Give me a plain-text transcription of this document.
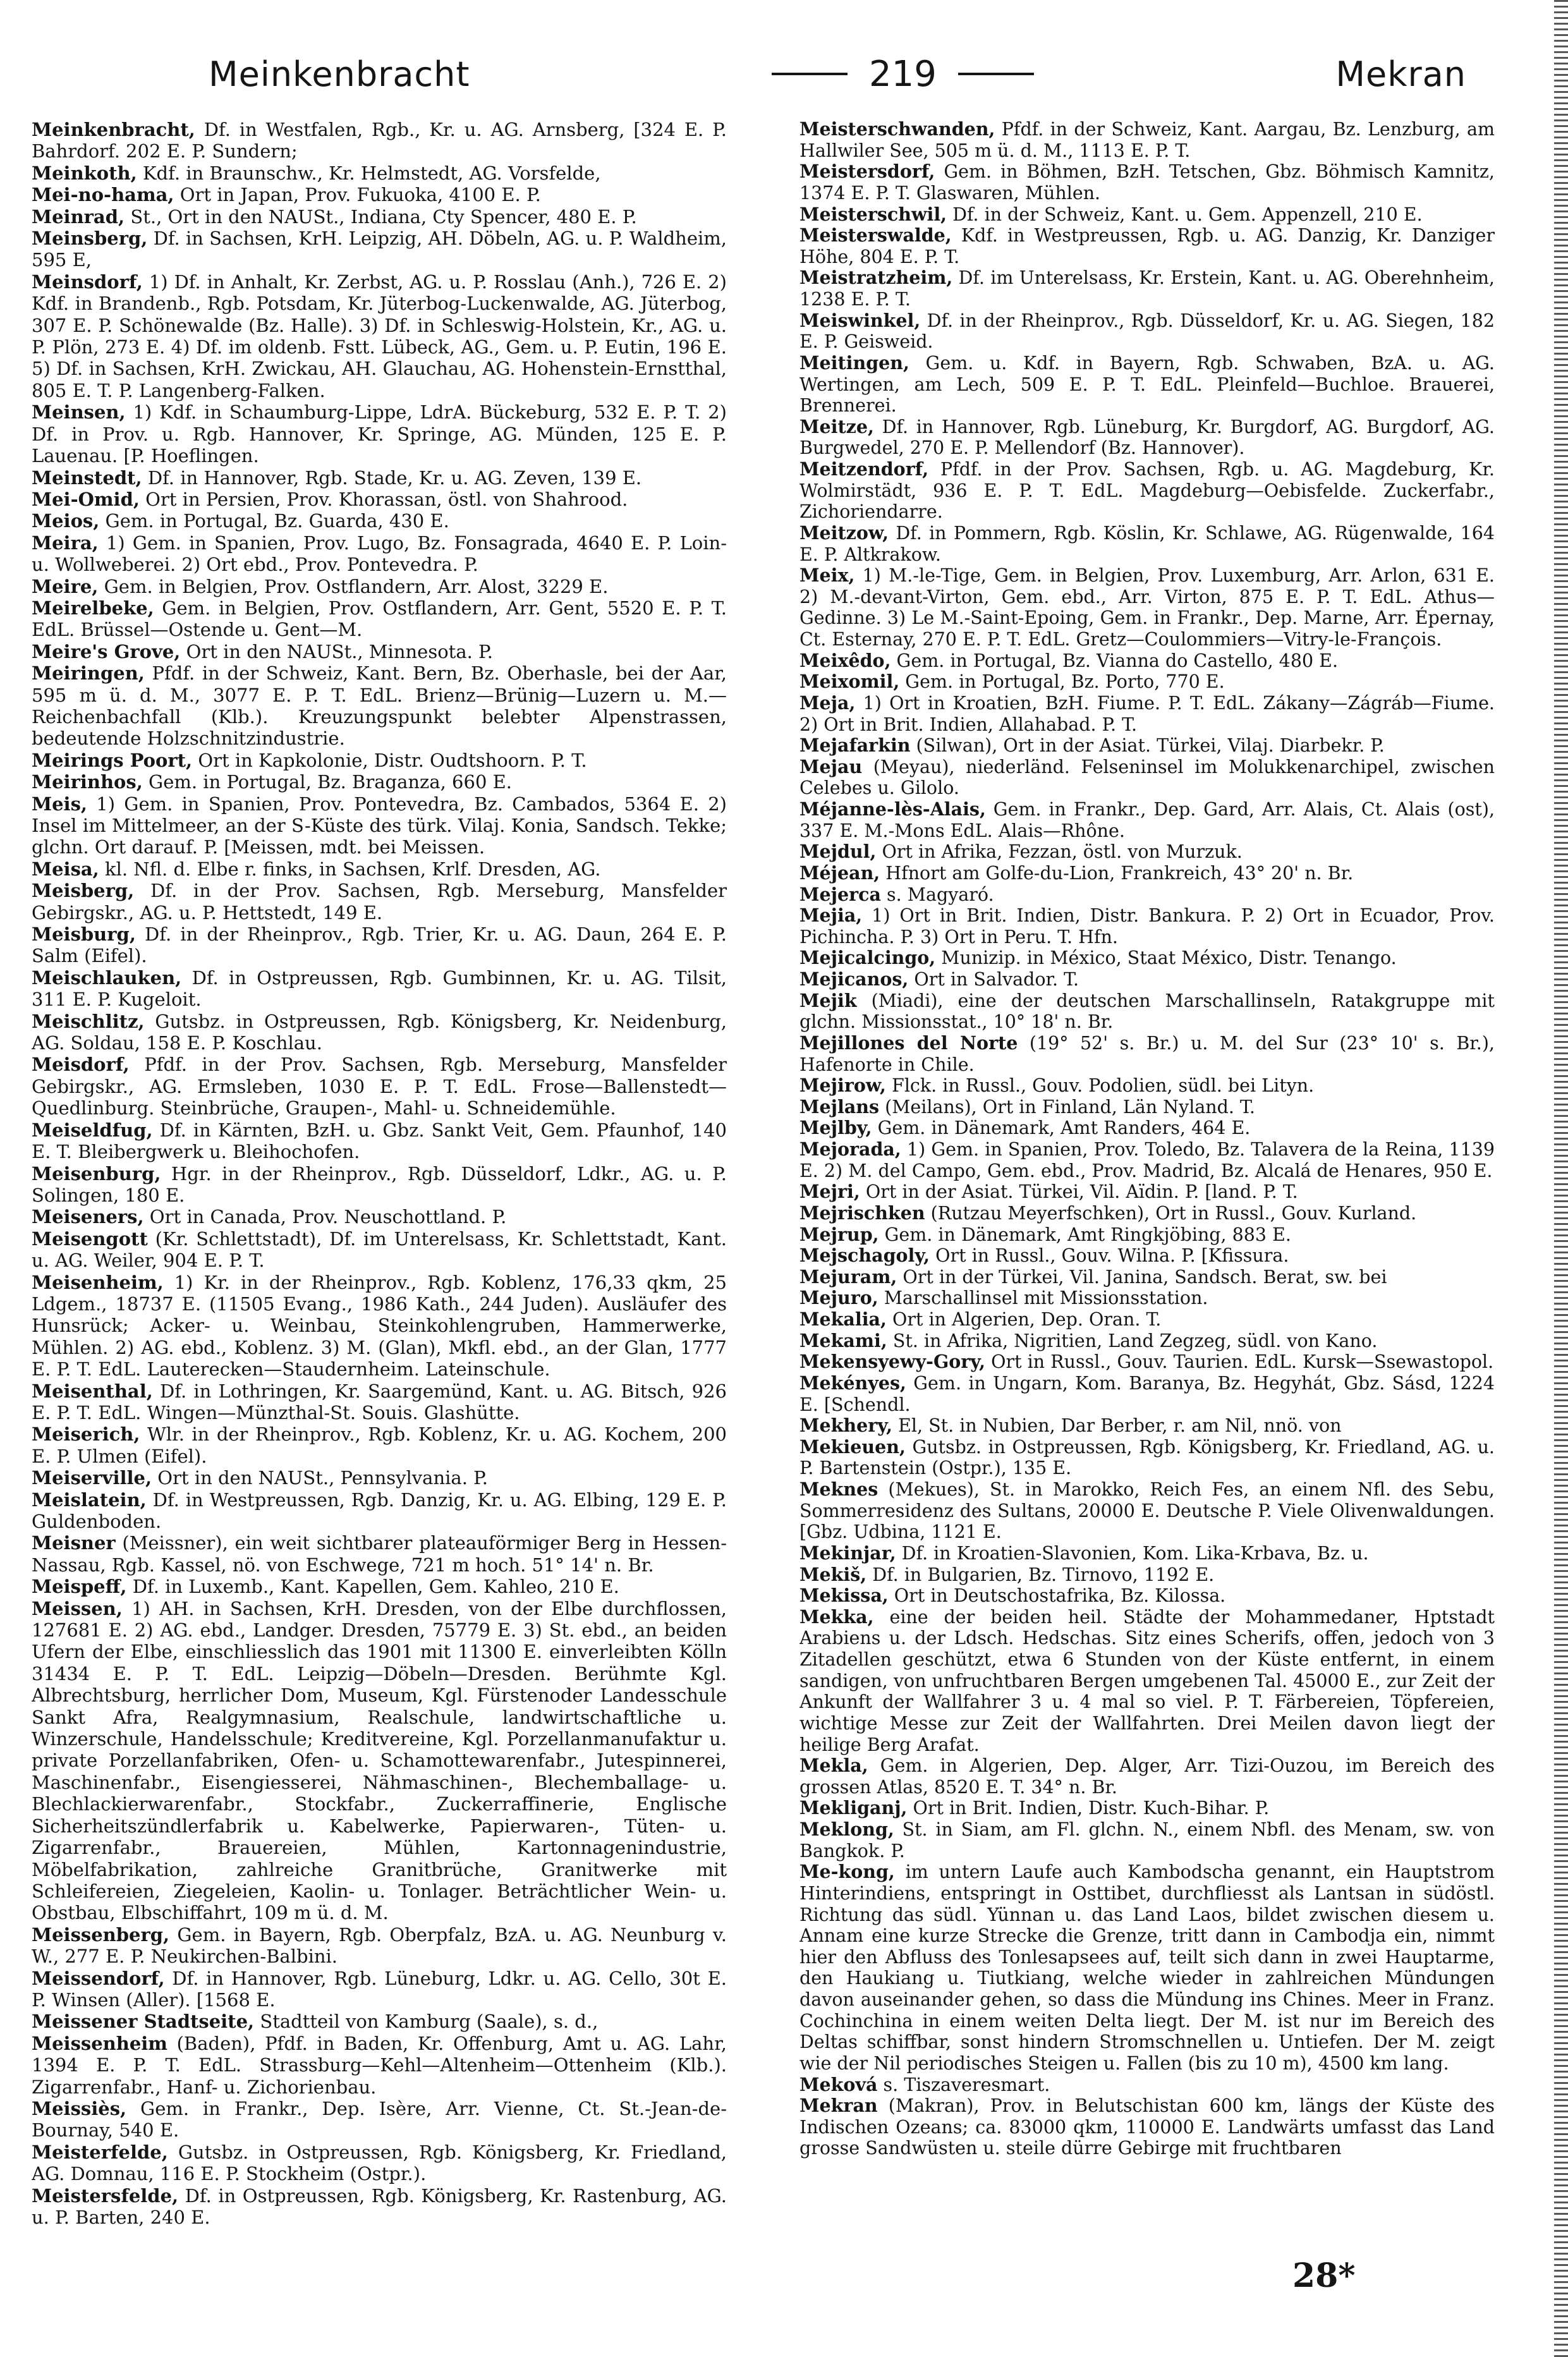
Meinkenbracht	219	Mekran

Meinkenbracht, Df. in Westfalen, Rgb., Kr. u. AG. Arnsberg, [324 E. P. Bahrdorf. 202 E. P. Sundern;

Meinkoth, Kdf. in Braunschw., Kr. Helmstedt, AG. Vorsfelde,

Mei-no-hama, Ort in Japan, Prov. Fukuoka, 4100 E. P.

Meinrad, St., Ort in den NAUSt., Indiana, Cty Spencer, 480 E. P.

Meinsberg, Df. in Sachsen, KrH. Leipzig, AH. Döbeln, AG. u. P. Waldheim, 595 E,

Meinsdorf, 1) Df. in Anhalt, Kr. Zerbst, AG. u. P. Rosslau (Anh.), 726 E. 2) Kdf. in Brandenb., Rgb. Potsdam, Kr. Jüterbog-Luckenwalde, AG. Jüterbog, 307 E. P. Schönewalde (Bz. Halle). 3) Df. in Schleswig-Holstein, Kr., AG. u. P. Plön, 273 E. 4) Df. im oldenb. Fstt. Lübeck, AG., Gem. u. P. Eutin, 196 E. 5) Df. in Sachsen, KrH. Zwickau, AH. Glauchau, AG. Hohenstein-Ernstthal, 805 E. T. P. Langenberg-Falken.

Meinsen, 1) Kdf. in Schaumburg-Lippe, LdrA. Bückeburg, 532 E. P. T. 2) Df. in Prov. u. Rgb. Hannover, Kr. Springe, AG. Münden, 125 E. P. Lauenau. [P. Hoeflingen.

Meinstedt, Df. in Hannover, Rgb. Stade, Kr. u. AG. Zeven, 139 E.

Mei-Omid, Ort in Persien, Prov. Khorassan, östl. von Shahrood.

Meios, Gem. in Portugal, Bz. Guarda, 430 E.

Meira, 1) Gem. in Spanien, Prov. Lugo, Bz. Fonsagrada, 4640 E. P. Loin- u. Wollweberei. 2) Ort ebd., Prov. Pontevedra. P.

Meire, Gem. in Belgien, Prov. Ostflandern, Arr. Alost, 3229 E.

Meirelbeke, Gem. in Belgien, Prov. Ostflandern, Arr. Gent, 5520 E. P. T. EdL. Brüssel—Ostende u. Gent—M.

Meire's Grove, Ort in den NAUSt., Minnesota. P.

Meiringen, Pfdf. in der Schweiz, Kant. Bern, Bz. Oberhasle, bei der Aar, 595 m ü. d. M., 3077 E. P. T. EdL. Brienz—Brünig—Luzern u. M.—Reichenbachfall (Klb.). Kreuzungspunkt belebter Alpenstrassen, bedeutende Holzschnitzindustrie.

Meirings Poort, Ort in Kapkolonie, Distr. Oudtshoorn. P. T.

Meirinhos, Gem. in Portugal, Bz. Braganza, 660 E.

Meis, 1) Gem. in Spanien, Prov. Pontevedra, Bz. Cambados, 5364 E. 2) Insel im Mittelmeer, an der S-Küste des türk. Vilaj. Konia, Sandsch. Tekke; glchn. Ort darauf. P. [Meissen, mdt. bei Meissen.

Meisa, kl. Nfl. d. Elbe r. finks, in Sachsen, Krlf. Dresden, AG.

Meisberg, Df. in der Prov. Sachsen, Rgb. Merseburg, Mansfelder Gebirgskr., AG. u. P. Hettstedt, 149 E.

Meisburg, Df. in der Rheinprov., Rgb. Trier, Kr. u. AG. Daun, 264 E. P. Salm (Eifel).

Meischlauken, Df. in Ostpreussen, Rgb. Gumbinnen, Kr. u. AG. Tilsit, 311 E. P. Kugeloit.

Meischlitz, Gutsbz. in Ostpreussen, Rgb. Königsberg, Kr. Neidenburg, AG. Soldau, 158 E. P. Koschlau.

Meisdorf, Pfdf. in der Prov. Sachsen, Rgb. Merseburg, Mansfelder Gebirgskr., AG. Ermsleben, 1030 E. P. T. EdL. Frose—Ballenstedt—Quedlinburg. Steinbrüche, Graupen-, Mahl- u. Schneidemühle.

Meiseldfug, Df. in Kärnten, BzH. u. Gbz. Sankt Veit, Gem. Pfaunhof, 140 E. T. Bleibergwerk u. Bleihochofen.

Meisenburg, Hgr. in der Rheinprov., Rgb. Düsseldorf, Ldkr., AG. u. P. Solingen, 180 E.

Meiseners, Ort in Canada, Prov. Neuschottland. P.

Meisengott (Kr. Schlettstadt), Df. im Unterelsass, Kr. Schlettstadt, Kant. u. AG. Weiler, 904 E. P. T.

Meisenheim, 1) Kr. in der Rheinprov., Rgb. Koblenz, 176,33 qkm, 25 Ldgem., 18737 E. (11505 Evang., 1986 Kath., 244 Juden). Ausläufer des Hunsrück; Acker- u. Weinbau, Steinkohlengruben, Hammerwerke, Mühlen. 2) AG. ebd., Koblenz. 3) M. (Glan), Mkfl. ebd., an der Glan, 1777 E. P. T. EdL. Lauterecken—Staudernheim. Lateinschule.

Meisenthal, Df. in Lothringen, Kr. Saargemünd, Kant. u. AG. Bitsch, 926 E. P. T. EdL. Wingen—Münzthal-St. Souis. Glashütte.

Meiserich, Wlr. in der Rheinprov., Rgb. Koblenz, Kr. u. AG. Kochem, 200 E. P. Ulmen (Eifel).

Meiserville, Ort in den NAUSt., Pennsylvania. P.

Meislatein, Df. in Westpreussen, Rgb. Danzig, Kr. u. AG. Elbing, 129 E. P. Guldenboden.

Meisner (Meissner), ein weit sichtbarer plateauförmiger Berg in Hessen-Nassau, Rgb. Kassel, nö. von Eschwege, 721 m hoch. 51° 14' n. Br.

Meispeff, Df. in Luxemb., Kant. Kapellen, Gem. Kahleo, 210 E.

Meissen, 1) AH. in Sachsen, KrH. Dresden, von der Elbe durchflossen, 127681 E. 2) AG. ebd., Landger. Dresden, 75779 E. 3) St. ebd., an beiden Ufern der Elbe, einschliesslich das 1901 mit 11300 E. einverleibten Kölln 31434 E. P. T. EdL. Leipzig—Döbeln—Dresden. Berühmte Kgl. Albrechtsburg, herrlicher Dom, Museum, Kgl. Fürstenoder Landesschule Sankt Afra, Realgymnasium, Realschule, landwirtschaftliche u. Winzerschule, Handelsschule; Kreditvereine, Kgl. Porzellanmanufaktur u. private Porzellanfabriken, Ofen- u. Schamottewarenfabr., Jutespinnerei, Maschinenfabr., Eisengiesserei, Nähmaschinen-, Blechemballage- u. Blechlackierwarenfabr., Stockfabr., Zuckerraffinerie, Englische Sicherheitszündlerfabrik u. Kabelwerke, Papierwaren-, Tüten- u. Zigarrenfabr., Brauereien, Mühlen, Kartonnagenindustrie, Möbelfabrikation, zahlreiche Granitbrüche, Granitwerke mit Schleifereien, Ziegeleien, Kaolin- u. Tonlager. Beträchtlicher Wein- u. Obstbau, Elbschiffahrt, 109 m ü. d. M.

Meissenberg, Gem. in Bayern, Rgb. Oberpfalz, BzA. u. AG. Neunburg v. W., 277 E. P. Neukirchen-Balbini.

Meissendorf, Df. in Hannover, Rgb. Lüneburg, Ldkr. u. AG. Cello, 30t E. P. Winsen (Aller). [1568 E.

Meissener Stadtseite, Stadtteil von Kamburg (Saale), s. d.,

Meissenheim (Baden), Pfdf. in Baden, Kr. Offenburg, Amt u. AG. Lahr, 1394 E. P. T. EdL. Strassburg—Kehl—Altenheim—Ottenheim (Klb.). Zigarrenfabr., Hanf- u. Zichorienbau.

Meissiès, Gem. in Frankr., Dep. Isère, Arr. Vienne, Ct. St.-Jean-de-Bournay, 540 E.

Meisterfelde, Gutsbz. in Ostpreussen, Rgb. Königsberg, Kr. Friedland, AG. Domnau, 116 E. P. Stockheim (Ostpr.).

Meistersfelde, Df. in Ostpreussen, Rgb. Königsberg, Kr. Rastenburg, AG. u. P. Barten, 240 E.

Meisterschwanden, Pfdf. in der Schweiz, Kant. Aargau, Bz. Lenzburg, am Hallwiler See, 505 m ü. d. M., 1113 E. P. T.

Meistersdorf, Gem. in Böhmen, BzH. Tetschen, Gbz. Böhmisch Kamnitz, 1374 E. P. T. Glaswaren, Mühlen.

Meisterschwil, Df. in der Schweiz, Kant. u. Gem. Appenzell, 210 E.

Meisterswalde, Kdf. in Westpreussen, Rgb. u. AG. Danzig, Kr. Danziger Höhe, 804 E. P. T.

Meistratzheim, Df. im Unterelsass, Kr. Erstein, Kant. u. AG. Oberehnheim, 1238 E. P. T.

Meiswinkel, Df. in der Rheinprov., Rgb. Düsseldorf, Kr. u. AG. Siegen, 182 E. P. Geisweid.

Meitingen, Gem. u. Kdf. in Bayern, Rgb. Schwaben, BzA. u. AG. Wertingen, am Lech, 509 E. P. T. EdL. Pleinfeld—Buchloe. Brauerei, Brennerei.

Meitze, Df. in Hannover, Rgb. Lüneburg, Kr. Burgdorf, AG. Burgdorf, AG. Burgwedel, 270 E. P. Mellendorf (Bz. Hannover).

Meitzendorf, Pfdf. in der Prov. Sachsen, Rgb. u. AG. Magdeburg, Kr. Wolmirstädt, 936 E. P. T. EdL. Magdeburg—Oebisfelde. Zuckerfabr., Zichoriendarre.

Meitzow, Df. in Pommern, Rgb. Köslin, Kr. Schlawe, AG. Rügenwalde, 164 E. P. Altkrakow.

Meix, 1) M.-le-Tige, Gem. in Belgien, Prov. Luxemburg, Arr. Arlon, 631 E. 2) M.-devant-Virton, Gem. ebd., Arr. Virton, 875 E. P. T. EdL. Athus—Gedinne. 3) Le M.-Saint-Epoing, Gem. in Frankr., Dep. Marne, Arr. Épernay, Ct. Esternay, 270 E. P. T. EdL. Gretz—Coulommiers—Vitry-le-François.

Meixêdo, Gem. in Portugal, Bz. Vianna do Castello, 480 E.

Meixomil, Gem. in Portugal, Bz. Porto, 770 E.

Meja, 1) Ort in Kroatien, BzH. Fiume. P. T. EdL. Zákany—Zágráb—Fiume. 2) Ort in Brit. Indien, Allahabad. P. T.

Mejafarkin (Silwan), Ort in der Asiat. Türkei, Vilaj. Diarbekr. P.

Mejau (Meyau), niederländ. Felseninsel im Molukkenarchipel, zwischen Celebes u. Gilolo.

Méjanne-lès-Alais, Gem. in Frankr., Dep. Gard, Arr. Alais, Ct. Alais (ost), 337 E. M.-Mons EdL. Alais—Rhône.

Mejdul, Ort in Afrika, Fezzan, östl. von Murzuk.

Méjean, Hfnort am Golfe-du-Lion, Frankreich, 43° 20' n. Br.

Mejerca s. Magyaró.

Mejia, 1) Ort in Brit. Indien, Distr. Bankura. P. 2) Ort in Ecuador, Prov. Pichincha. P. 3) Ort in Peru. T. Hfn.

Mejicalcingo, Munizip. in México, Staat México, Distr. Tenango.

Mejicanos, Ort in Salvador. T.

Mejik (Miadi), eine der deutschen Marschallinseln, Ratakgruppe mit glchn. Missionsstat., 10° 18' n. Br.

Mejillones del Norte (19° 52' s. Br.) u. M. del Sur (23° 10' s. Br.), Hafenorte in Chile.

Mejirow, Flck. in Russl., Gouv. Podolien, südl. bei Lityn.

Mejlans (Meilans), Ort in Finland, Län Nyland. T.

Mejlby, Gem. in Dänemark, Amt Randers, 464 E.

Mejorada, 1) Gem. in Spanien, Prov. Toledo, Bz. Talavera de la Reina, 1139 E. 2) M. del Campo, Gem. ebd., Prov. Madrid, Bz. Alcalá de Henares, 950 E.

Mejri, Ort in der Asiat. Türkei, Vil. Aïdin. P. [land. P. T.

Mejrischken (Rutzau Meyerfschken), Ort in Russl., Gouv. Kurland.

Mejrup, Gem. in Dänemark, Amt Ringkjöbing, 883 E.

Mejschagoly, Ort in Russl., Gouv. Wilna. P. [Kfissura.

Mejuram, Ort in der Türkei, Vil. Janina, Sandsch. Berat, sw. bei

Mejuro, Marschallinsel mit Missionsstation.

Mekalia, Ort in Algerien, Dep. Oran. T.

Mekami, St. in Afrika, Nigritien, Land Zegzeg, südl. von Kano.

Mekensyewy-Gory, Ort in Russl., Gouv. Taurien. EdL. Kursk—Ssewastopol.

Mekényes, Gem. in Ungarn, Kom. Baranya, Bz. Hegyhát, Gbz. Sásd, 1224 E. [Schendl.

Mekhery, El, St. in Nubien, Dar Berber, r. am Nil, nnö. von

Mekieuen, Gutsbz. in Ostpreussen, Rgb. Königsberg, Kr. Friedland, AG. u. P. Bartenstein (Ostpr.), 135 E.

Meknes (Mekues), St. in Marokko, Reich Fes, an einem Nfl. des Sebu, Sommerresidenz des Sultans, 20000 E. Deutsche P. Viele Olivenwaldungen. [Gbz. Udbina, 1121 E.

Mekinjar, Df. in Kroatien-Slavonien, Kom. Lika-Krbava, Bz. u.

Mekiš, Df. in Bulgarien, Bz. Tirnovo, 1192 E.

Mekissa, Ort in Deutschostafrika, Bz. Kilossa.

Mekka, eine der beiden heil. Städte der Mohammedaner, Hptstadt Arabiens u. der Ldsch. Hedschas. Sitz eines Scherifs, offen, jedoch von 3 Zitadellen geschützt, etwa 6 Stunden von der Küste entfernt, in einem sandigen, von unfruchtbaren Bergen umgebenen Tal. 45000 E., zur Zeit der Ankunft der Wallfahrer 3 u. 4 mal so viel. P. T. Färbereien, Töpfereien, wichtige Messe zur Zeit der Wallfahrten. Drei Meilen davon liegt der heilige Berg Arafat.

Mekla, Gem. in Algerien, Dep. Alger, Arr. Tizi-Ouzou, im Bereich des grossen Atlas, 8520 E. T. 34° n. Br.

Mekliganj, Ort in Brit. Indien, Distr. Kuch-Bihar. P.

Meklong, St. in Siam, am Fl. glchn. N., einem Nbfl. des Menam, sw. von Bangkok. P.

Me-kong, im untern Laufe auch Kambodscha genannt, ein Hauptstrom Hinterindiens, entspringt in Osttibet, durchfliesst als Lantsan in südöstl. Richtung das südl. Yünnan u. das Land Laos, bildet zwischen diesem u. Annam eine kurze Strecke die Grenze, tritt dann in Cambodja ein, nimmt hier den Abfluss des Tonlesapsees auf, teilt sich dann in zwei Hauptarme, den Haukiang u. Tiutkiang, welche wieder in zahlreichen Mündungen davon auseinander gehen, so dass die Mündung ins Chines. Meer in Franz. Cochinchina in einem weiten Delta liegt. Der M. ist nur im Bereich des Deltas schiffbar, sonst hindern Stromschnellen u. Untiefen. Der M. zeigt wie der Nil periodisches Steigen u. Fallen (bis zu 10 m), 4500 km lang.

Meková s. Tiszaveresmart.

Mekran (Makran), Prov. in Belutschistan 600 km, längs der Küste des Indischen Ozeans; ca. 83000 qkm, 110000 E. Landwärts umfasst das Land grosse Sandwüsten u. steile dürre Gebirge mit fruchtbaren

28*
